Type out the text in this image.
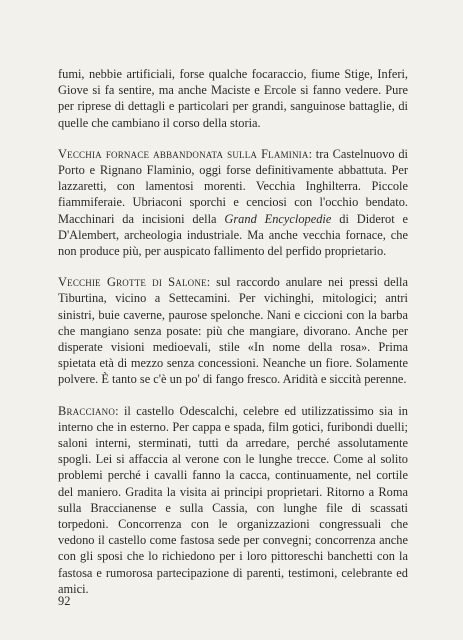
fumi, nebbie artificiali, forse qualche focaraccio, fiume Stige, Inferi, Giove si fa sentire, ma anche Maciste e Ercole si fanno vedere. Pure per riprese di dettagli e particolari per grandi, sanguinose battaglie, di quelle che cambiano il corso della storia.

Vecchia fornace abbandonata sulla Flaminia: tra Castelnuovo di Porto e Rignano Flaminio, oggi forse definitivamente abbattuta. Per lazzaretti, con lamentosi morenti. Vecchia Inghilterra. Piccole fiammiferaie. Ubriaconi sporchi e cenciosi con l'occhio bendato. Macchinari da incisioni della Grand Encyclopedie di Diderot e D'Alembert, archeologia industriale. Ma anche vecchia fornace, che non produce più, per auspicato fallimento del perfido proprietario.

Vecchie Grotte di Salone: sul raccordo anulare nei pressi della Tiburtina, vicino a Settecamini. Per vichinghi, mitologici; antri sinistri, buie caverne, paurose spelonche. Nani e ciccioni con la barba che mangiano senza posate: più che mangiare, divorano. Anche per disperate visioni medioevali, stile «In nome della rosa». Prima spietata età di mezzo senza concessioni. Neanche un fiore. Solamente polvere. È tanto se c'è un po' di fango fresco. Aridità e siccità perenne.

Bracciano: il castello Odescalchi, celebre ed utilizzatissimo sia in interno che in esterno. Per cappa e spada, film gotici, furibondi duelli; saloni interni, sterminati, tutti da arredare, perché assolutamente spogli. Lei si affaccia al verone con le lunghe trecce. Come al solito problemi perché i cavalli fanno la cacca, continuamente, nel cortile del maniero. Gradita la visita ai principi proprietari. Ritorno a Roma sulla Braccianense e sulla Cassia, con lunghe file di scassati torpedoni. Concorrenza con le organizzazioni congressuali che vedono il castello come fastosa sede per convegni; concorrenza anche con gli sposi che lo richiedono per i loro pittoreschi banchetti con la fastosa e rumorosa partecipazione di parenti, testimoni, celebrante ed amici.

92
